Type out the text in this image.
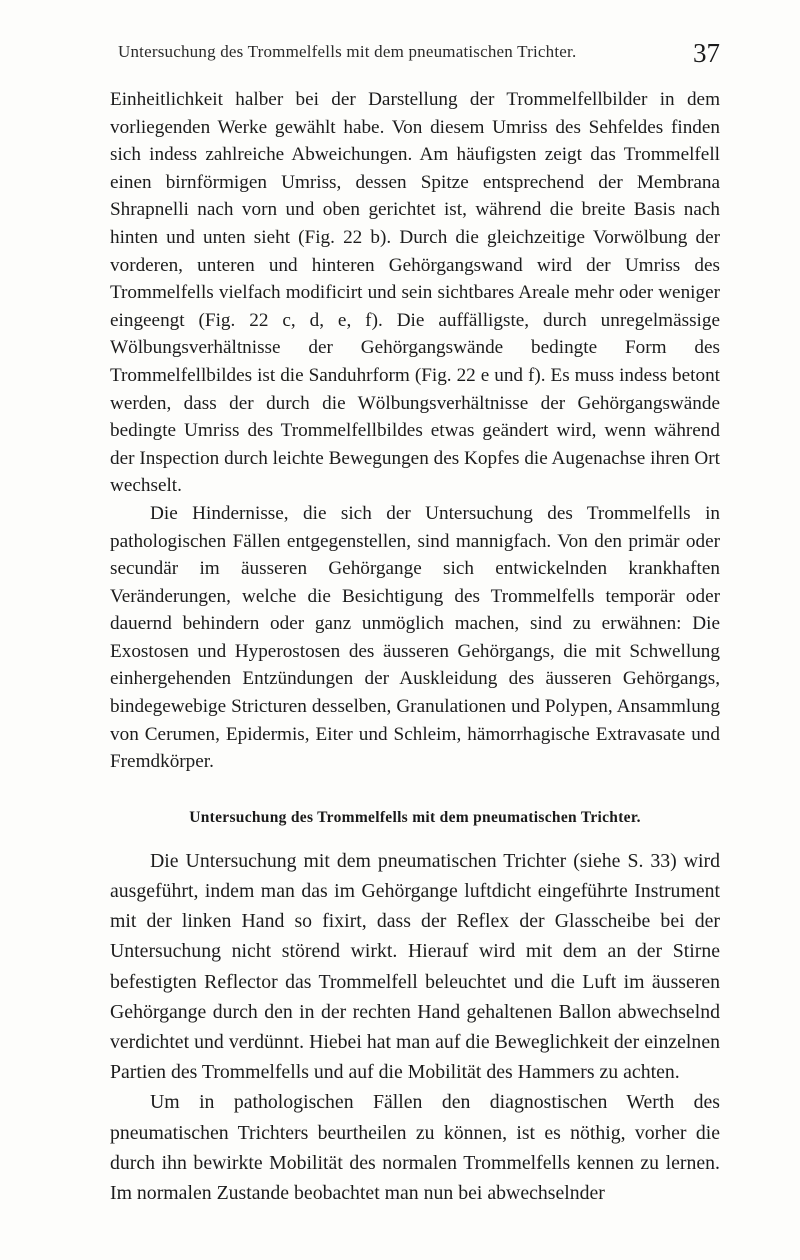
Untersuchung des Trommelfells mit dem pneumatischen Trichter.	37

Einheitlichkeit halber bei der Darstellung der Trommelfellbilder in dem vorliegenden Werke gewählt habe. Von diesem Umriss des Sehfeldes finden sich indess zahlreiche Abweichungen. Am häufigsten zeigt das Trommelfell einen birnförmigen Umriss, dessen Spitze entsprechend der Membrana Shrapnelli nach vorn und oben gerichtet ist, während die breite Basis nach hinten und unten sieht (Fig. 22 b). Durch die gleichzeitige Vorwölbung der vorderen, unteren und hinteren Gehörgangswand wird der Umriss des Trommelfells vielfach modificirt und sein sichtbares Areale mehr oder weniger eingeengt (Fig. 22 c, d, e, f). Die auffälligste, durch unregelmässige Wölbungsverhältnisse der Gehörgangswände bedingte Form des Trommelfellbildes ist die Sanduhrform (Fig. 22 e und f). Es muss indess betont werden, dass der durch die Wölbungsverhältnisse der Gehörgangswände bedingte Umriss des Trommelfellbildes etwas geändert wird, wenn während der Inspection durch leichte Bewegungen des Kopfes die Augenachse ihren Ort wechselt.

Die Hindernisse, die sich der Untersuchung des Trommelfells in pathologischen Fällen entgegenstellen, sind mannigfach. Von den primär oder secundär im äusseren Gehörgange sich entwickelnden krankhaften Veränderungen, welche die Besichtigung des Trommelfells temporär oder dauernd behindern oder ganz unmöglich machen, sind zu erwähnen: Die Exostosen und Hyperostosen des äusseren Gehörgangs, die mit Schwellung einhergehenden Entzündungen der Auskleidung des äusseren Gehörgangs, bindegewebige Stricturen desselben, Granulationen und Polypen, Ansammlung von Cerumen, Epidermis, Eiter und Schleim, hämorrhagische Extravasate und Fremdkörper.

Untersuchung des Trommelfells mit dem pneumatischen Trichter.

Die Untersuchung mit dem pneumatischen Trichter (siehe S. 33) wird ausgeführt, indem man das im Gehörgange luftdicht eingeführte Instrument mit der linken Hand so fixirt, dass der Reflex der Glasscheibe bei der Untersuchung nicht störend wirkt. Hierauf wird mit dem an der Stirne befestigten Reflector das Trommelfell beleuchtet und die Luft im äusseren Gehörgange durch den in der rechten Hand gehaltenen Ballon abwechselnd verdichtet und verdünnt. Hiebei hat man auf die Beweglichkeit der einzelnen Partien des Trommelfells und auf die Mobilität des Hammers zu achten.

Um in pathologischen Fällen den diagnostischen Werth des pneumatischen Trichters beurtheilen zu können, ist es nöthig, vorher die durch ihn bewirkte Mobilität des normalen Trommelfells kennen zu lernen. Im normalen Zustande beobachtet man nun bei abwechselnder
